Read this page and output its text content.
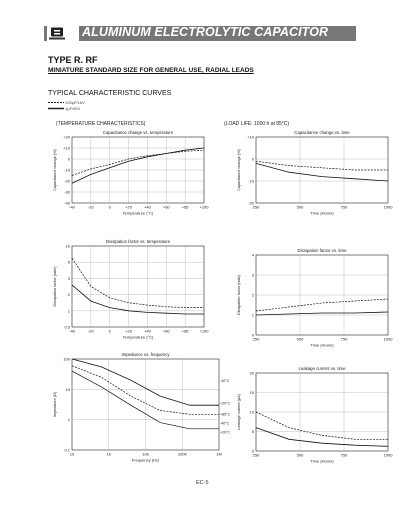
ALUMINUM ELECTROLYTIC CAPACITOR
TYPE R. RF
MINIATURE STANDARD SIZE FOR GENERAL USE, RADIAL LEADS
TYPICAL CHARACTERISTIC CURVES
100μF/16V
1μF/50V
(TEMPERATURE CHARACTERISTICS)	(LOAD LIFE: 1000 h at 85°C)
Capacitance change vs. temperature
-40	-20	0	+20	+40	+60	+85	+100
+20
+10
0
-10
-20
-30
-40
Temperature (°C)
Capacitance change (%)
Dissipation factor vs. temperature
-40	-20	0	+20	+40	+60	+85	+100
10
5
3
2
1
0.5
Temperature (°C)
Dissipation factor (ratio)
Impedance vs. frequency
10	1k	10k	100k	1M
100
10
1
0.1
Frequency (Hz)
Impedance (Ω)
-40°C
+20°C
+85°C
-40°C
+20°C
Capacitance change vs. time
250	500	750	1000
+10
0
-10
-20
Time (Hours)
Capacitance change (%)
Dissipation factor vs. time
250	500	750	1000
4
3
2
1
0
Time (Hours)
Dissipation factor (ratio)
Leakage current vs. time
250	500	750	1000
20
15
10
5
0
Time (Hours)
Leakage current (μA)
EC-5
